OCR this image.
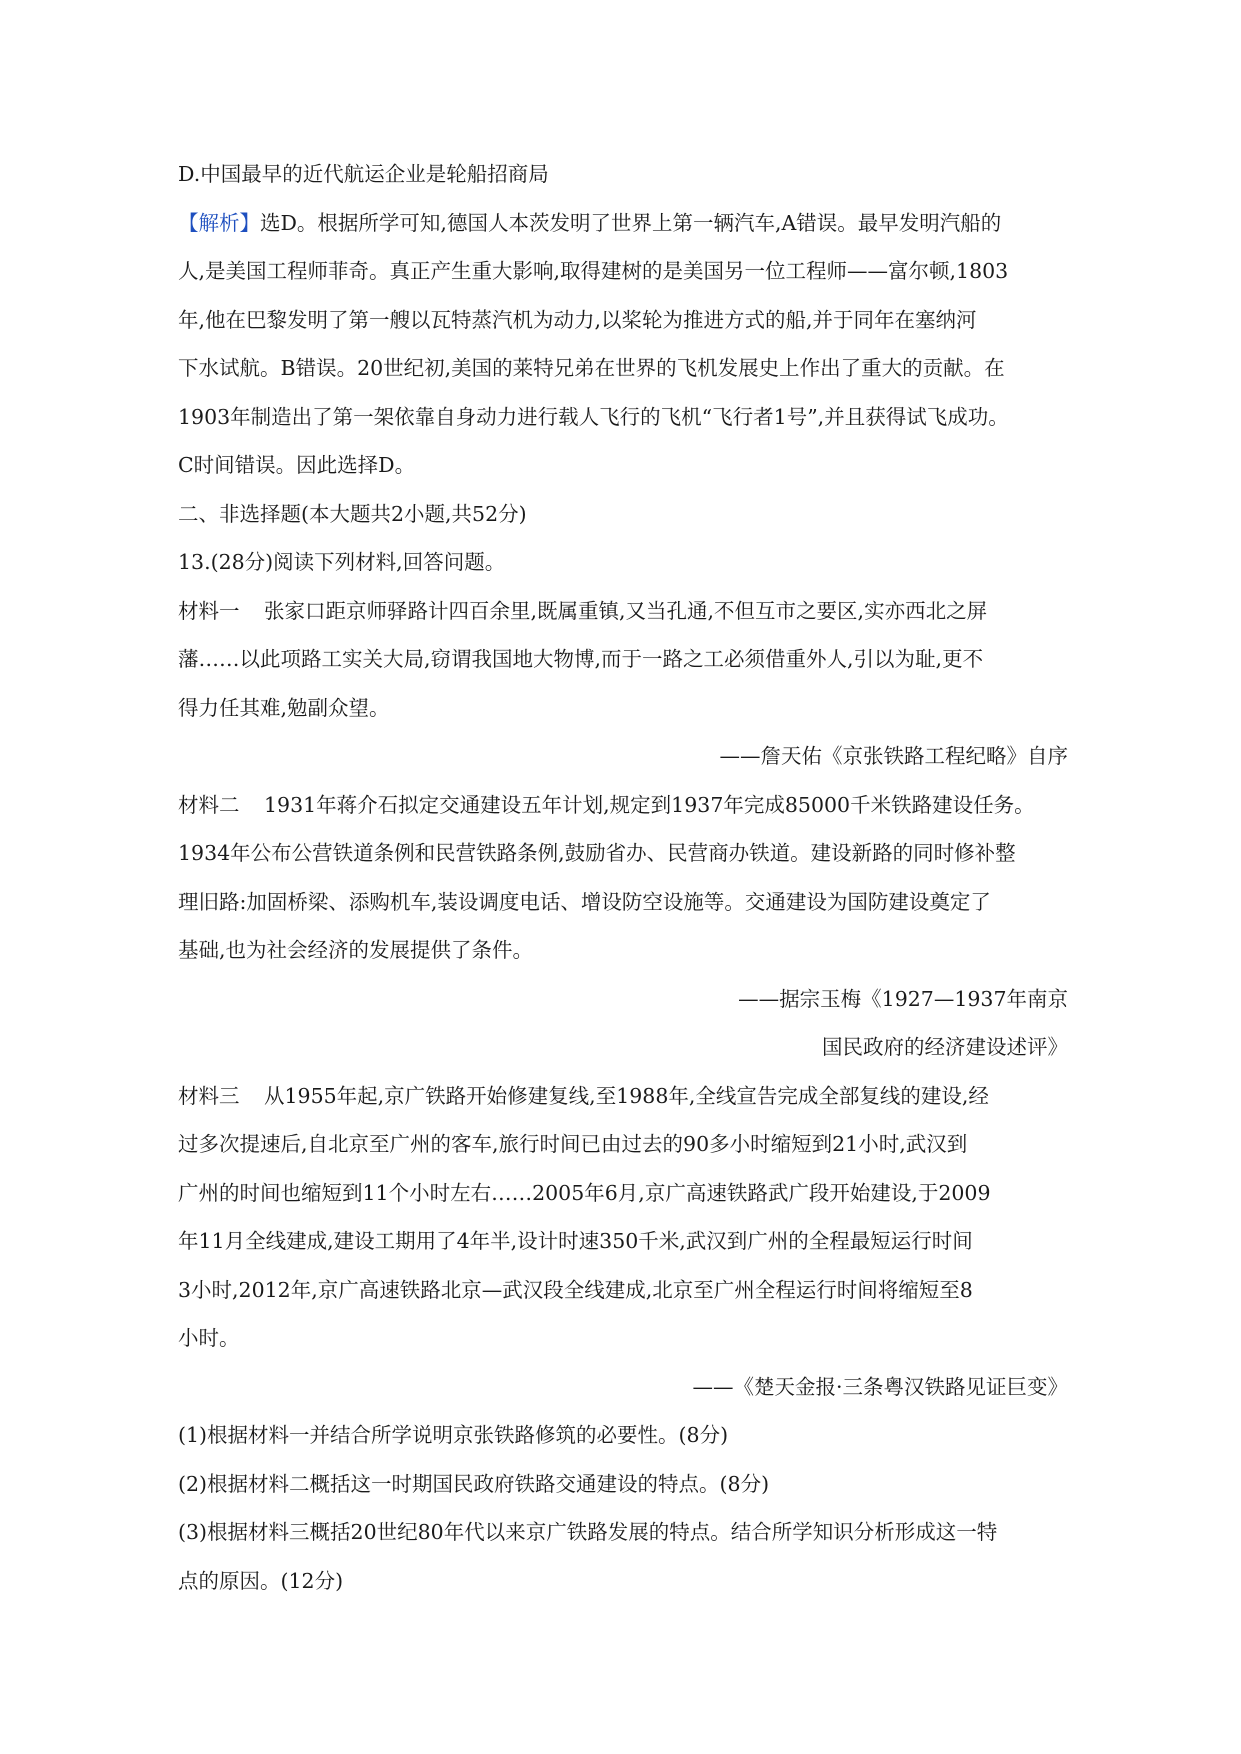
D.中国最早的近代航运企业是轮船招商局

【解析】选D。根据所学可知,德国人本茨发明了世界上第一辆汽车,A错误。最早发明汽船的

人,是美国工程师菲奇。真正产生重大影响,取得建树的是美国另一位工程师——富尔顿,1803

年,他在巴黎发明了第一艘以瓦特蒸汽机为动力,以桨轮为推进方式的船,并于同年在塞纳河

下水试航。B错误。20世纪初,美国的莱特兄弟在世界的飞机发展史上作出了重大的贡献。在

1903年制造出了第一架依靠自身动力进行载人飞行的飞机“飞行者1号”,并且获得试飞成功。

C时间错误。因此选择D。

二、非选择题(本大题共2小题,共52分)

13.(28分)阅读下列材料,回答问题。

材料一 张家口距京师驿路计四百余里,既属重镇,又当孔通,不但互市之要区,实亦西北之屏

藩……以此项路工实关大局,窃谓我国地大物博,而于一路之工必须借重外人,引以为耻,更不

得力任其难,勉副众望。

——詹天佑《京张铁路工程纪略》自序

材料二 1931年蒋介石拟定交通建设五年计划,规定到1937年完成85000千米铁路建设任务。

1934年公布公营铁道条例和民营铁路条例,鼓励省办、民营商办铁道。建设新路的同时修补整

理旧路:加固桥梁、添购机车,装设调度电话、增设防空设施等。交通建设为国防建设奠定了

基础,也为社会经济的发展提供了条件。

——据宗玉梅《1927—1937年南京

国民政府的经济建设述评》

材料三 从1955年起,京广铁路开始修建复线,至1988年,全线宣告完成全部复线的建设,经

过多次提速后,自北京至广州的客车,旅行时间已由过去的90多小时缩短到21小时,武汉到

广州的时间也缩短到11个小时左右……2005年6月,京广高速铁路武广段开始建设,于2009

年11月全线建成,建设工期用了4年半,设计时速350千米,武汉到广州的全程最短运行时间

3小时,2012年,京广高速铁路北京—武汉段全线建成,北京至广州全程运行时间将缩短至8

小时。

——《楚天金报·三条粤汉铁路见证巨变》

(1)根据材料一并结合所学说明京张铁路修筑的必要性。(8分)

(2)根据材料二概括这一时期国民政府铁路交通建设的特点。(8分)

(3)根据材料三概括20世纪80年代以来京广铁路发展的特点。结合所学知识分析形成这一特

点的原因。(12分)
